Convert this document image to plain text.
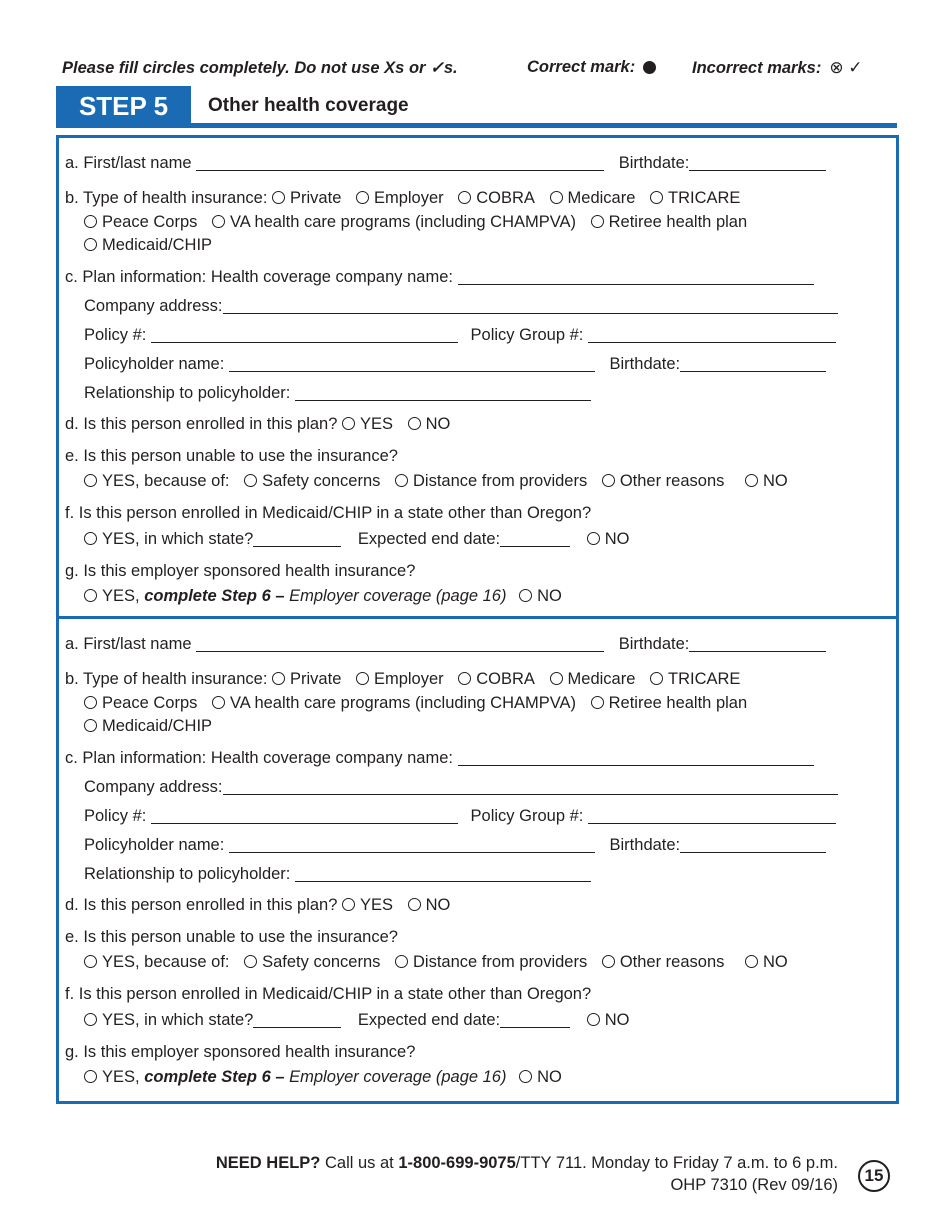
Please fill circles completely. Do not use Xs or ✓s.	Correct mark:	Incorrect marks: ⊗ ✓
STEP 5	Other health coverage
a. First/last name	Birthdate:
b. Type of health insurance: Private Employer COBRA Medicare TRICARE
Peace Corps VA health care programs (including CHAMPVA) Retiree health plan
Medicaid/CHIP
c. Plan information: Health coverage company name:
Company address:
Policy #:	Policy Group #:
Policyholder name:	Birthdate:
Relationship to policyholder:
d. Is this person enrolled in this plan? YES NO
e. Is this person unable to use the insurance?
YES, because of: Safety concerns Distance from providers Other reasons NO
f. Is this person enrolled in Medicaid/CHIP in a state other than Oregon?
YES, in which state?	Expected end date:	NO
g. Is this employer sponsored health insurance?
YES, complete Step 6 – Employer coverage (page 16) NO
a. First/last name	Birthdate:
b. Type of health insurance: Private Employer COBRA Medicare TRICARE
Peace Corps VA health care programs (including CHAMPVA) Retiree health plan
Medicaid/CHIP
c. Plan information: Health coverage company name:
Company address:
Policy #:	Policy Group #:
Policyholder name:	Birthdate:
Relationship to policyholder:
d. Is this person enrolled in this plan? YES NO
e. Is this person unable to use the insurance?
YES, because of: Safety concerns Distance from providers Other reasons NO
f. Is this person enrolled in Medicaid/CHIP in a state other than Oregon?
YES, in which state?	Expected end date:	NO
g. Is this employer sponsored health insurance?
YES, complete Step 6 – Employer coverage (page 16) NO
NEED HELP? Call us at 1-800-699-9075/TTY 711. Monday to Friday 7 a.m. to 6 p.m.
OHP 7310 (Rev 09/16)	15
